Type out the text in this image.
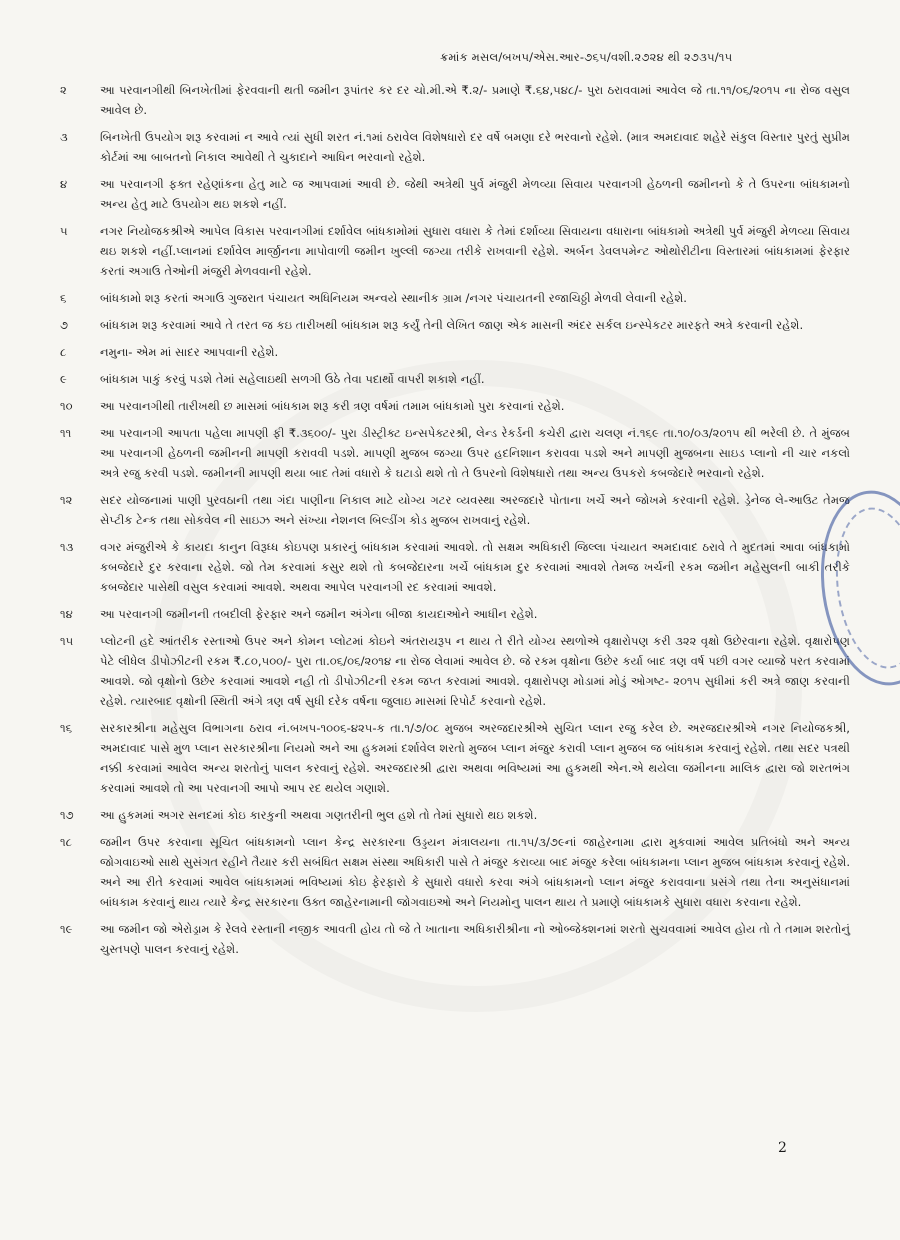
ક્રમાંક મસલ/બખપ/એસ.આર-૭૬૫/વશી.૨૭૨૪ થી ૨૭૩૫/૧૫
૨	આ પરવાનગીથી બિનખેતીમાં ફેરવવાની થતી જમીન રૂપાંતર કર દર ચો.મી.એ ₹.૨/- પ્રમાણે ₹.૬૪,૫૪૮/- પુરા ઠરાવવામાં આવેલ જે તા.૧૧/૦૬/૨૦૧૫ ના રોજ વસુલ આવેલ છે.
૩	બિનખેતી ઉપયોગ શરૂ કરવામાં ન આવે ત્યાં સુધી શરત નં.૧માં ઠરાવેલ વિશેષધારો દર વર્ષે બમણા દરે ભરવાનો રહેશે. (માત્ર અમદાવાદ શહેરે સંકુલ વિસ્તાર પુરતું સુપ્રીમ કોર્ટમાં આ બાબતનો નિકાલ આવેથી તે ચુકાદાને આધિન ભરવાનો રહેશે.
૪	આ પરવાનગી ફક્ત રહેણાંકના હેતુ માટે જ આપવામાં આવી છે. જેથી અત્રેથી પુર્વ મંજુરી મેળવ્યા સિવાય પરવાનગી હેઠળની જમીનનો કે તે ઉપરના બાંધકામનો અન્ય હેતુ માટે ઉપયોગ થઇ શકશે નહીં.
૫	નગર નિયોજકશ્રીએ આપેલ વિકાસ પરવાનગીમાં દર્શાવેલ બાંધકામોમાં સુધારા વધારા કે તેમાં દર્શાવ્યા સિવાયના વધારાના બાંધકામો અત્રેથી પુર્વ મંજુરી મેળવ્યા સિવાય થઇ શકશે નહીં.પ્લાનમાં દર્શાવેલ માર્જીનના માપોવાળી જમીન ખુલ્લી જગ્યા તરીકે રાખવાની રહેશે. અર્બન ડેવલપમેન્ટ ઓથોરીટીના વિસ્તારમાં બાંધકામમાં ફેરફાર કરતાં અગાઉ તેઓની મંજુરી મેળવવાની રહેશે.
૬	બાંધકામો શરૂ કરતાં અગાઉ ગુજરાત પંચાયત અધિનિયમ અન્વયે સ્થાનીક ગ્રામ /નગર પંચાયતની રજાચિઠ્ઠી મેળવી લેવાની રહેશે.
૭	બાંધકામ શરૂ કરવામાં આવે તે તરત જ કઇ તારીખથી બાંધકામ શરૂ કર્યું તેની લેખિત જાણ એક માસની અંદર સર્કલ ઇન્સ્પેકટર મારફતે અત્રે કરવાની રહેશે.
૮	નમુના- એમ માં સાદર આપવાની રહેશે.
૯	બાંધકામ પાકું કરવું પડશે તેમાં સહેલાઇથી સળગી ઉઠે તેવા પદાર્થો વાપરી શકાશે નહીં.
૧૦	આ પરવાનગીથી તારીખથી છ માસમાં બાંધકામ શરૂ કરી ત્રણ વર્ષમાં તમામ બાંધકામો પુરા કરવાનાં રહેશે.
૧૧	આ પરવાનગી આપતા પહેલા માપણી ફી ₹.૩૬૦૦/- પુરા ડીસ્ટ્રીક્ટ ઇન્સપેક્ટરશ્રી, લેન્ડ રેકર્ડની કચેરી દ્વારા ચલણ નં.૧૬૯ તા.૧૦/૦૩/૨૦૧૫ થી ભરેલી છે. તે મુંજબ આ પરવાનગી હેઠળની જમીનની માપણી કરાવવી પડશે. માપણી મુજબ જગ્યા ઉપર હદનિશાન કરાવવા પડશે અને માપણી મુજબના સાઇડ પ્લાનો ની ચાર નકલો અત્રે રજુ કરવી પડશે. જમીનની માપણી થયા બાદ તેમાં વધારો કે ઘટાડો થશે તો તે ઉપરનો વિશેષધારો તથા અન્ય ઉપકરો કબજેદારે ભરવાનો રહેશે.
૧૨	સદર યોજનામાં પાણી પુરવઠાની તથા ગંદા પાણીના નિકાલ માટે યોગ્ય ગટર વ્યવસ્થા અરજદારે પોતાના ખર્ચે અને જોખમે કરવાની રહેશે. ડ્રેનેજ લે-આઉટ તેમજ સેપ્ટીક ટેન્ક તથા સોકવેલ ની સાઇઝ અને સંખ્યા નેશનલ બિલ્ડીંગ કોડ મુજબ રાખવાનું રહેશે.
૧૩	વગર મંજુરીએ કે કાયદા કાનુન વિરૂધ્ધ કોઇપણ પ્રકારનું બાંધકામ કરવામાં આવશે. તો સક્ષમ અધિકારી જિલ્લા પંચાયત અમદાવાદ ઠરાવે તે મુદતમાં આવા બાંધકામો કબજેદારે દુર કરવાના રહેશે. જો તેમ કરવામાં કસુર થશે તો કબજેદારના ખર્ચે બાંધકામ દુર કરવામાં આવશે તેમજ ખર્ચની રકમ જમીન મહેસુલની બાકી તરીકે કબજેદાર પાસેથી વસુલ કરવામાં આવશે. અથવા આપેલ પરવાનગી રદ કરવામાં આવશે.
૧૪	આ પરવાનગી જમીનની તબદીલી ફેરફાર અને જમીન અંગેના બીજા કાયદાઓને આધીન રહેશે.
૧૫	પ્લોટની હદે આંતરીક રસ્તાઓ ઉપર અને કોમન પ્લોટમાં કોઇને અંતરાયરૂપ ન થાય તે રીતે યોગ્ય સ્થળોએ વૃક્ષારોપણ કરી ૩૨૨ વૃક્ષો ઉછેરવાના રહેશે. વૃક્ષારોપણ પેટે લીધેલ ડીપોઝીટની રકમ ₹.૮૦,૫૦૦/- પુરા તા.૦૬/૦૬/૨૦૧૪ ના રોજ લેવામાં આવેલ છે. જે રકમ વૃક્ષોના ઉછેર કર્યા બાદ ત્રણ વર્ષ પછી વગર વ્યાજે પરત કરવામાં આવશે. જો વૃક્ષોનો ઉછેર કરવામાં આવશે નહી તો ડીપોઝીટની રકમ જપ્ત કરવામાં આવશે. વૃક્ષારોપણ મોડામાં મોડું ઓગષ્ટ- ૨૦૧૫ સુધીમાં કરી અત્રે જાણ કરવાની રહેશે. ત્યારબાદ વૃક્ષોની સ્થિતી અંગે ત્રણ વર્ષ સુધી દરેક વર્ષના જુલાઇ માસમાં રિપોર્ટ કરવાનો રહેશે.
૧૬	સરકારશ્રીના મહેસુલ વિભાગના ઠરાવ નં.બખપ-૧૦૦૬-૪૨૫-ક તા.૧/૭/૦૮ મુજબ અરજદારશ્રીએ સુચિત પ્લાન રજુ કરેલ છે. અરજદારશ્રીએ નગર નિયોજકશ્રી, અમદાવાદ પાસે મુળ પ્લાન સરકારશ્રીના નિયમો અને આ હુકમમાં દર્શાવેલ શરતો મુજબ પ્લાન મંજુર કરાવી પ્લાન મુજબ જ બાંધકામ કરવાનું રહેશે. તથા સદર પત્રથી નક્કી કરવામાં આવેલ અન્ય શરતોનું પાલન કરવાનું રહેશે. અરજદારશ્રી દ્વારા અથવા ભવિષ્યમાં આ હુકમથી એન.એ થયેલા જમીનના માલિક દ્વારા જો શરતભંગ કરવામાં આવશે તો આ પરવાનગી આપો આપ રદ થયેલ ગણાશે.
૧૭	આ હુકમમાં અગર સનદમાં કોઇ કારકુની અથવા ગણતરીની ભુલ હશે તો તેમાં સુધારો થઇ શકશે.
૧૮	જમીન ઉપર કરવાના સૂચિત બાંધકામનો પ્લાન કેન્દ્ર સરકારના ઉડ્ડયન મંત્રાલયના તા.૧૫/૩/૭૯નાં જાહેરનામા દ્વારા મુકવામાં આવેલ પ્રતિબંધો અને અન્ય જોગવાઇઓ સાથે સુસંગત રહીને તૈયાર કરી સબંધિત સક્ષમ સંસ્થા અધિકારી પાસે તે મંજુર કરાવ્યા બાદ મંજુર કરેલા બાંધકામના પ્લાન મુજબ બાંધકામ કરવાનું રહેશે. અને આ રીતે કરવામાં આવેલ બાંધકામમાં ભવિષ્યમાં કોઇ ફેરફારો કે સુધારો વધારો કરવા અંગે બાંધકામનો પ્લાન મંજુર કરાવવાના પ્રસંગે તથા તેના અનુસંધાનમાં બાંધકામ કરવાનું થાય ત્યારે કેન્દ્ર સરકારના ઉક્ત જાહેરનામાની જોગવાઇઓ અને નિયમોનુ પાલન થાય તે પ્રમાણે બાંધકામકે સુધારા વધારા કરવાના રહેશે.
૧૯	આ જમીન જો એરોડ્રામ કે રેલવે રસ્તાની નજીક આવતી હોય તો જે તે ખાતાના અધિકારીશ્રીના નો ઓબ્જેક્શનમાં શરતો સુચવવામાં આવેલ હોય તો તે તમામ શરતોનું ચુસ્તપણે પાલન કરવાનું રહેશે.
2
